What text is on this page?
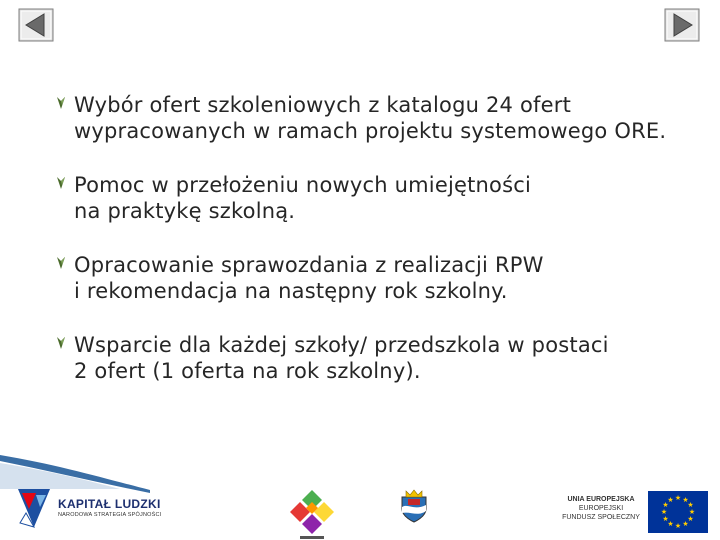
Wybór ofert szkoleniowych z katalogu 24 ofert
wypracowanych w ramach projektu systemowego ORE.
Pomoc w przełożeniu nowych umiejętności
na praktykę szkolną.
Opracowanie sprawozdania z realizacji RPW
i rekomendacja na następny rok szkolny.
Wsparcie dla każdej szkoły/ przedszkola w postaci
2 ofert (1 oferta na rok szkolny).
KAPITAŁ LUDZKI
NARODOWA STRATEGIA SPÓJNOŚCI
UNIA EUROPEJSKA
EUROPEJSKI
FUNDUSZ SPOŁECZNY
★ ★
★
★
★
★
★
★
★
★
★
★
